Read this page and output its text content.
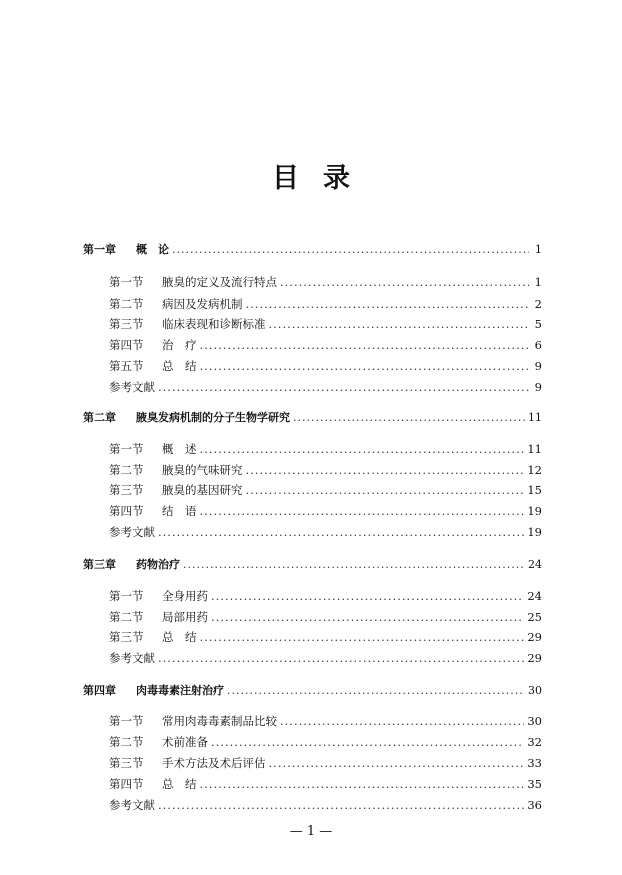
目 录
第一章 概　论 .....	1
第一节 腋臭的定义及流行特点 .....	1
第二节 病因及发病机制 .....	2
第三节 临床表现和诊断标准 .....	5
第四节 治　疗 .....	6
第五节 总　结 .....	9
参考文献 .....	9
第二章 腋臭发病机制的分子生物学研究 .....	11
第一节 概　述 .....	11
第二节 腋臭的气味研究 .....	12
第三节 腋臭的基因研究 .....	15
第四节 结　语 .....	19
参考文献 .....	19
第三章 药物治疗 .....	24
第一节 全身用药 .....	24
第二节 局部用药 .....	25
第三节 总　结 .....	29
参考文献 .....	29
第四章 肉毒毒素注射治疗 .....	30
第一节 常用肉毒毒素制品比较 .....	30
第二节 术前准备 .....	32
第三节 手术方法及术后评估 .....	33
第四节 总　结 .....	35
参考文献 .....	36
— 1 —
